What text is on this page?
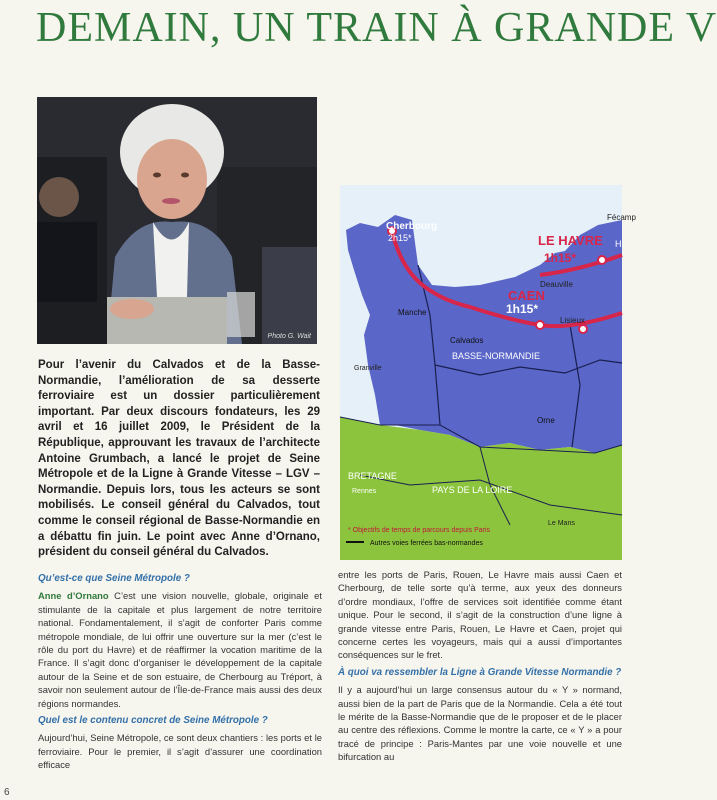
DEMAIN, UN TRAIN À GRANDE V
Photo G. Wait
Cherbourg
2h15*
Fécamp
LE HAVRE
1h15*
H
Deauville
CAEN
1h15*
Lisieux
Manche
Calvados
BASSE-NORMANDIE
Granville
Orne
BRETAGNE
Rennes	PAYS DE LA LOIRE
Le Mans
* Objectifs de temps de parcours depuis Paris
Autres voies ferrées bas-normandes

Pour l’avenir du Calvados et de la Basse-Normandie, l’amélioration de sa desserte ferroviaire est un dossier particulièrement important. Par deux discours fondateurs, les 29 avril et 16 juillet 2009, le Président de la République, approuvant les travaux de l’architecte Antoine Grumbach, a lancé le projet de Seine Métropole et de la Ligne à Grande Vitesse – LGV – Normandie. Depuis lors, tous les acteurs se sont mobilisés. Le conseil général du Calvados, tout comme le conseil régional de Basse-Normandie en a débattu fin juin. Le point avec Anne d’Ornano, président du conseil général du Calvados.

Qu’est-ce que Seine Métropole ?

Anne d’Ornano C’est une vision nouvelle, globale, originale et stimulante de la capitale et plus largement de notre territoire national. Fondamentalement, il s’agit de conforter Paris comme métropole mondiale, de lui offrir une ouverture sur la mer (c’est le rôle du port du Havre) et de réaffirmer la vocation maritime de la France. Il s’agit donc d’organiser le développement de la capitale autour de la Seine et de son estuaire, de Cherbourg au Tréport, à savoir non seulement autour de l’Île-de-France mais aussi des deux régions normandes.

Quel est le contenu concret de Seine Métropole ?

Aujourd’hui, Seine Métropole, ce sont deux chantiers : les ports et le ferroviaire. Pour le premier, il s’agit d’assurer une coordination efficace

entre les ports de Paris, Rouen, Le Havre mais aussi Caen et Cherbourg, de telle sorte qu’à terme, aux yeux des donneurs d’ordre mondiaux, l’offre de services soit identifiée comme étant unique. Pour le second, il s’agit de la construction d’une ligne à grande vitesse entre Paris, Rouen, Le Havre et Caen, projet qui concerne certes les voyageurs, mais qui a aussi d’importantes conséquences sur le fret.

À quoi va ressembler la Ligne à Grande Vitesse Normandie ?

Il y a aujourd’hui un large consensus autour du « Y » normand, aussi bien de la part de Paris que de la Normandie. Cela a été tout le mérite de la Basse-Normandie que de le proposer et de le placer au centre des réflexions. Comme le montre la carte, ce « Y » a pour tracé de principe : Paris-Mantes par une voie nouvelle et une bifurcation au

6
